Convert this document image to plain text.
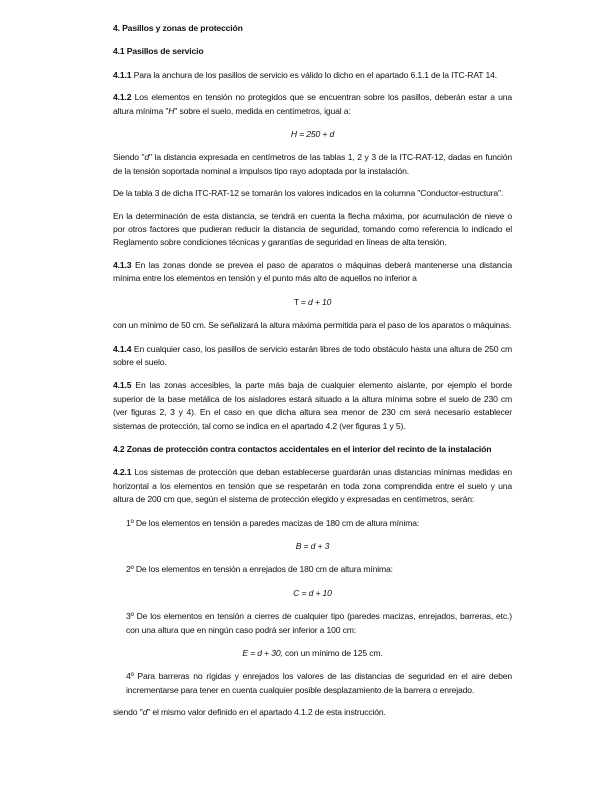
4. Pasillos y zonas de protección
4.1 Pasillos de servicio

4.1.1 Para la anchura de los pasillos de servicio es válido lo dicho en el apartado 6.1.1 de la ITC-RAT 14.

4.1.2 Los elementos en tensión no protegidos que se encuentran sobre los pasillos, deberán estar a una altura mínima "H" sobre el suelo, medida en centímetros, igual a:

H = 250 + d

Siendo "d" la distancia expresada en centímetros de las tablas 1, 2 y 3 de la ITC-RAT-12, dadas en función de la tensión soportada nominal a impulsos tipo rayo adoptada por la instalación.

De la tabla 3 de dicha ITC-RAT-12 se tomarán los valores indicados en la columna "Conductor-estructura".

En la determinación de esta distancia, se tendrá en cuenta la flecha máxima, por acumulación de nieve o por otros factores que pudieran reducir la distancia de seguridad, tomando como referencia lo indicado el Reglamento sobre condiciones técnicas y garantías de seguridad en líneas de alta tensión.

4.1.3 En las zonas donde se prevea el paso de aparatos o máquinas deberá mantenerse una distancia mínima entre los elementos en tensión y el punto más alto de aquellos no inferior a

T = d + 10

con un mínimo de 50 cm. Se señalizará la altura máxima permitida para el paso de los aparatos o máquinas.

4.1.4 En cualquier caso, los pasillos de servicio estarán libres de todo obstáculo hasta una altura de 250 cm sobre el suelo.

4.1.5 En las zonas accesibles, la parte más baja de cualquier elemento aislante, por ejemplo el borde superior de la base metálica de los aisladores estará situado a la altura mínima sobre el suelo de 230 cm (ver figuras 2, 3 y 4). En el caso en que dicha altura sea menor de 230 cm será necesario establecer sistemas de protección, tal como se indica en el apartado 4.2 (ver figuras 1 y 5).

4.2 Zonas de protección contra contactos accidentales en el interior del recinto de la instalación

4.2.1 Los sistemas de protección que deban establecerse guardarán unas distancias mínimas medidas en horizontal a los elementos en tensión que se respetarán en toda zona comprendida entre el suelo y una altura de 200 cm que, según el sistema de protección elegido y expresadas en centímetros, serán:

1º De los elementos en tensión a paredes macizas de 180 cm de altura mínima:

B = d + 3

2º De los elementos en tensión a enrejados de 180 cm de altura mínima:

C = d + 10

3º De los elementos en tensión a cierres de cualquier tipo (paredes macizas, enrejados, barreras, etc.) con una altura que en ningún caso podrá ser inferior a 100 cm:

E = d + 30, con un mínimo de 125 cm.

4º Para barreras no rígidas y enrejados los valores de las distancias de seguridad en el aire deben incrementarse para tener en cuenta cualquier posible desplazamiento de la barrera o enrejado.

siendo "d" el mismo valor definido en el apartado 4.1.2 de esta instrucción.
